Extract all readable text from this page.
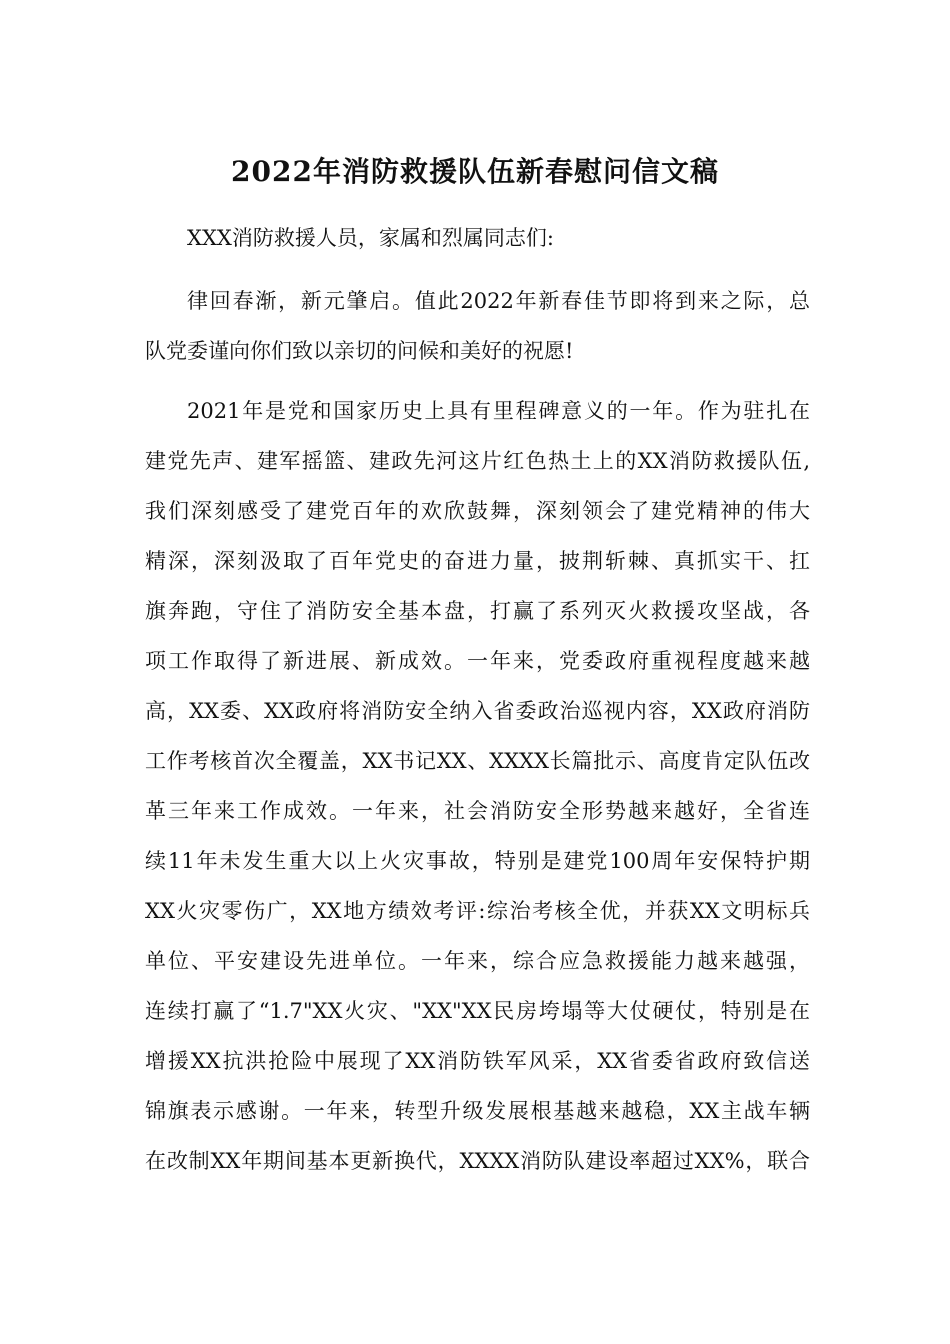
2022年消防救援队伍新春慰问信文稿

XXX消防救援人员，家属和烈属同志们:

律回春渐，新元肇启。值此2022年新春佳节即将到来之际，总

队党委谨向你们致以亲切的问候和美好的祝愿!

2021年是党和国家历史上具有里程碑意义的一年。作为驻扎在

建党先声、建军摇篮、建政先河这片红色热土上的XX消防救援队伍,

我们深刻感受了建党百年的欢欣鼓舞，深刻领会了建党精神的伟大

精深，深刻汲取了百年党史的奋进力量，披荆斩棘、真抓实干、扛

旗奔跑，守住了消防安全基本盘，打赢了系列灭火救援攻坚战，各

项工作取得了新进展、新成效。一年来，党委政府重视程度越来越

高，XX委、XX政府将消防安全纳入省委政治巡视内容，XX政府消防

工作考核首次全覆盖，XX书记XX、XXXX长篇批示、高度肯定队伍改

革三年来工作成效。一年来，社会消防安全形势越来越好，全省连

续11年未发生重大以上火灾事故，特别是建党100周年安保特护期

XX火灾零伤广，XX地方绩效考评:综治考核全优，并获XX文明标兵

单位、平安建设先进单位。一年来，综合应急救援能力越来越强，

连续打赢了“1.7"XX火灾、"XX"XX民房垮塌等大仗硬仗，特别是在

增援XX抗洪抢险中展现了XX消防铁军风采，XX省委省政府致信送

锦旗表示感谢。一年来，转型升级发展根基越来越稳，XX主战车辆

在改制XX年期间基本更新换代，XXXX消防队建设率超过XX%，联合
